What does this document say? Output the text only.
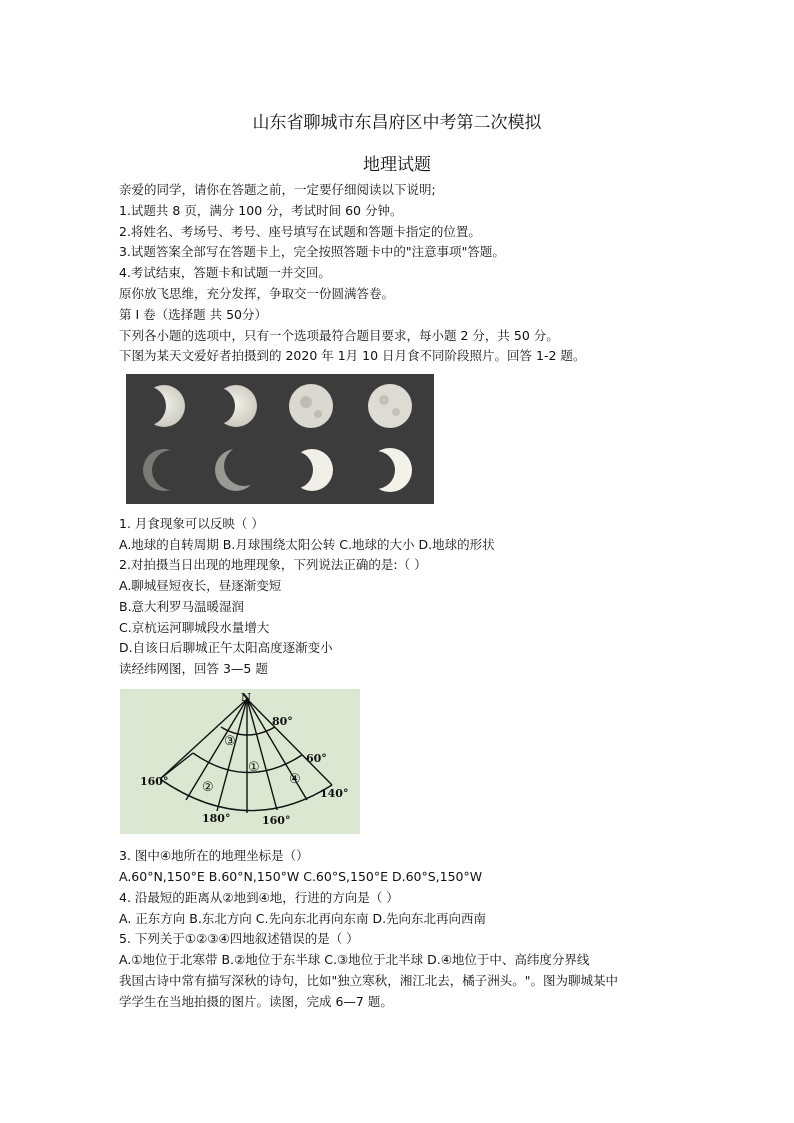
山东省聊城市东昌府区中考第二次模拟
地理试题
亲爱的同学，请你在答题之前，一定要仔细阅读以下说明;
1.试题共 8 页，满分 100 分，考试时间 60 分钟。
2.将姓名、考场号、考号、座号填写在试题和答题卡指定的位置。
3.试题答案全部写在答题卡上，完全按照答题卡中的"注意事项"答题。
4.考试结束，答题卡和试题一并交回。
原你放飞思维，充分发挥，争取交一份圆满答卷。
第 I 卷（选择题 共 50分）
下列各小题的选项中，只有一个选项最符合题目要求，每小题 2 分，共 50 分。
下图为某天文爱好者拍摄到的 2020 年 1月 10 日月食不同阶段照片。回答 1-2 题。
1. 月食现象可以反映（ ）
A.地球的自转周期 B.月球围绕太阳公转 C.地球的大小 D.地球的形状
2.对拍摄当日出现的地理现象，下列说法正确的是:（ ）
A.聊城昼短夜长，昼逐渐变短
B.意大利罗马温暖湿润
C.京杭运河聊城段水量增大
D.自该日后聊城正午太阳高度逐渐变小
读经纬网图，回答 3—5 题
N
80°
60°
160°
140°
180°	160°
①
②
③
④
3. 图中④地所在的地理坐标是（）
A.60°N,150°E B.60°N,150°W C.60°S,150°E D.60°S,150°W
4. 沿最短的距离从②地到④地，行进的方向是（ ）
A. 正东方向 B.东北方向 C.先向东北再向东南 D.先向东北再向西南
5. 下列关于①②③④四地叙述错误的是（ ）
A.①地位于北寒带 B.②地位于东半球 C.③地位于北半球 D.④地位于中、高纬度分界线
我国古诗中常有描写深秋的诗句，比如"独立寒秋，湘江北去，橘子洲头。"。图为聊城某中
学学生在当地拍摄的图片。读图，完成 6—7 题。
